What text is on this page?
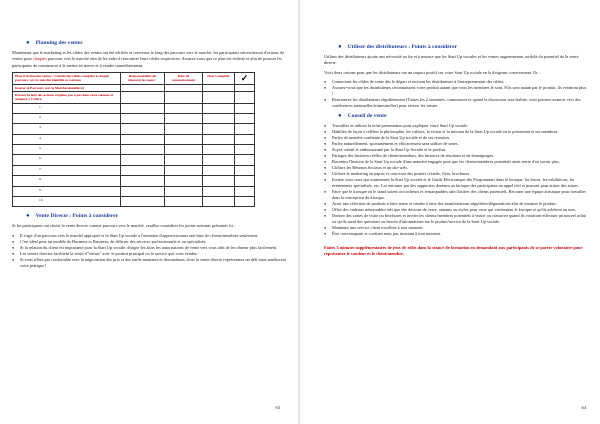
● Planning des ventes

Maintenant que le marketing et les cibles des ventes ont été vérifiés et convenus le long des parcours vers le marché, les participants nécessiteront d'actions de ventes pour chaques parcours vers le marché afin de les aider à rencontrer leurs cibles respectives. Assurez-vous que ce plan est réaliste et afin de pousser les participants de commencer à le mettre en œuvre et à vendre immédiatement.

Plan d'Action des ventes : Calculé des cibles complété à chaque parcours vers le marché identifié et convenu	Responsabilité (de timeure) les noms :	Date de commencement	Date Complété	✓
Insérer le Parcours vers le Marché identifié ici				
Dresser la liste des actions requises pas à pas dans cette colonne et assignez-y l'ordre.				
1.				
2.				
3.				
4.				
5.				
6.				
7.				
8.				
9.				
10.				
● Vente Directe : Points à considérer

Si les participants ont choisi la vente directe comme parcours vers le marché, veuillez considérer les points suivants présentés ici :

● Il s'agit d'un parcours vers le marché approprié si la Start Up sociale a l'intention d'approvisionner une base de clients/membres seulement.
● C'est idéal pour un modèle de Business to Business, de délivrer des services professionnels et ou spécialisés.
● Si la relation du client est importante pour la Start Up sociale, dirigez-les alors les autorisations de vente vers vous afin de les obtenir plus facilement.
● Les ventes directes facilitent la vente d'"extras" avec le produit principal ou le service que vous vendez.
● Si vous n'êtes pas confortable avec la négociation des prix et des outils montants et descendants, alors la vente directe représentera un défi mais améliorera votre pratique !
63
● Utiliser des distributeurs : Points à considérer

Utiliser des distributeurs ajoute une nécessité au fur et à mesure que les Start Up sociales et les ventes augmenteront au-delà du potentiel de la vente directe.

Voici deux raisons pour que les distributeurs ont un impact positif sur votre Start Up sociale en la dirigeant correctement. Ils :

● Connectent les cibles de vente dès le départ et incitent les distributeurs à l'entrepreneuriat des cibles.
● Assurez-vous que les distributeurs reconnaissent votre produit autant que vous les membres le sont. S'ils sont autant par le produit, ils vendront plus !
● Rencontrez les distributeurs régulièrement (Toutes les 2 semaines, commencez et quand la discussion sera établie, vous pourrez avancer vers des conférences mensuelles/trimestrielles) pour réviser les ventes.
● Conseil de vente
● Travaillez et utilisez la mini-présentation pour expliquer votre Start Up sociale.
● Habillez de façon à refléter la philosophie, les valeurs, la vision et la mission de la Start Up sociale en la présentant et ses membres.
● Parlez de manière confiante de la Start Up sociale et de ses réussites.
● Parlez naturellement, spontanément et efficacement sans utiliser de notes.
● Soyez créatif et enthousiasmé par la Start Up Sociale et le produit.
● Partagez des histoires réelles de clients/membres, des histoires de réactions et de témoignages.
● Racontez l'histoire de la Start Up sociale d'une manière engagée pour que les clients/membres potentiels aient envie d'en savoir plus.
● Utilisez les Réseaux Sociaux et un site web.
● Utilisez le marketing en papier et concevez des posters créatifs, flyer, brochures.
● Invitez vous ceux qui soutiennent la Start Up sociale et le Guide Electronique des Programmes dans le kiosque, les foires, les exhibitions, les événements spécialisés, etc. Les entourer par des supporters donnera au kiosque des participants un appel réel et pourrait pour attirer des autres.
● Faire que le kiosque où le stand soient accrocheurs et remarquables afin d'attirer des clients potentiels. Recruter une équipe artistique pour travailler dans la conception du kiosque.
● Avoir une sélection de produits à faire tester et vendre à faire des manifestations régulières/dégustations afin de montrer le produit.
● Offrir des cadeaux mémorables tels que des dessous de verre, aimants ou stylos pour ceux qui visiteraient le kiosque et qu'ils achètent ou non.
● Donner des cartes de visite ou brochures et inviter les clients/membres potentiels à visiter ou contacter quand ils voudront effectuer un nouvel achat ou qu'ils aient des questions ou besoin d'informations sur le produit/service de la Start Up sociale.
● Maintenir une service client excellent à tout moment.
● Être convainquant et confiant mais pas insistant à tout moment.

Faites 3 minutes supplémentaires de jeux de rôles dans la séance de formation en demandant aux participants de se porter volontaire pour représenter le vendeur et le client/membre.

64
